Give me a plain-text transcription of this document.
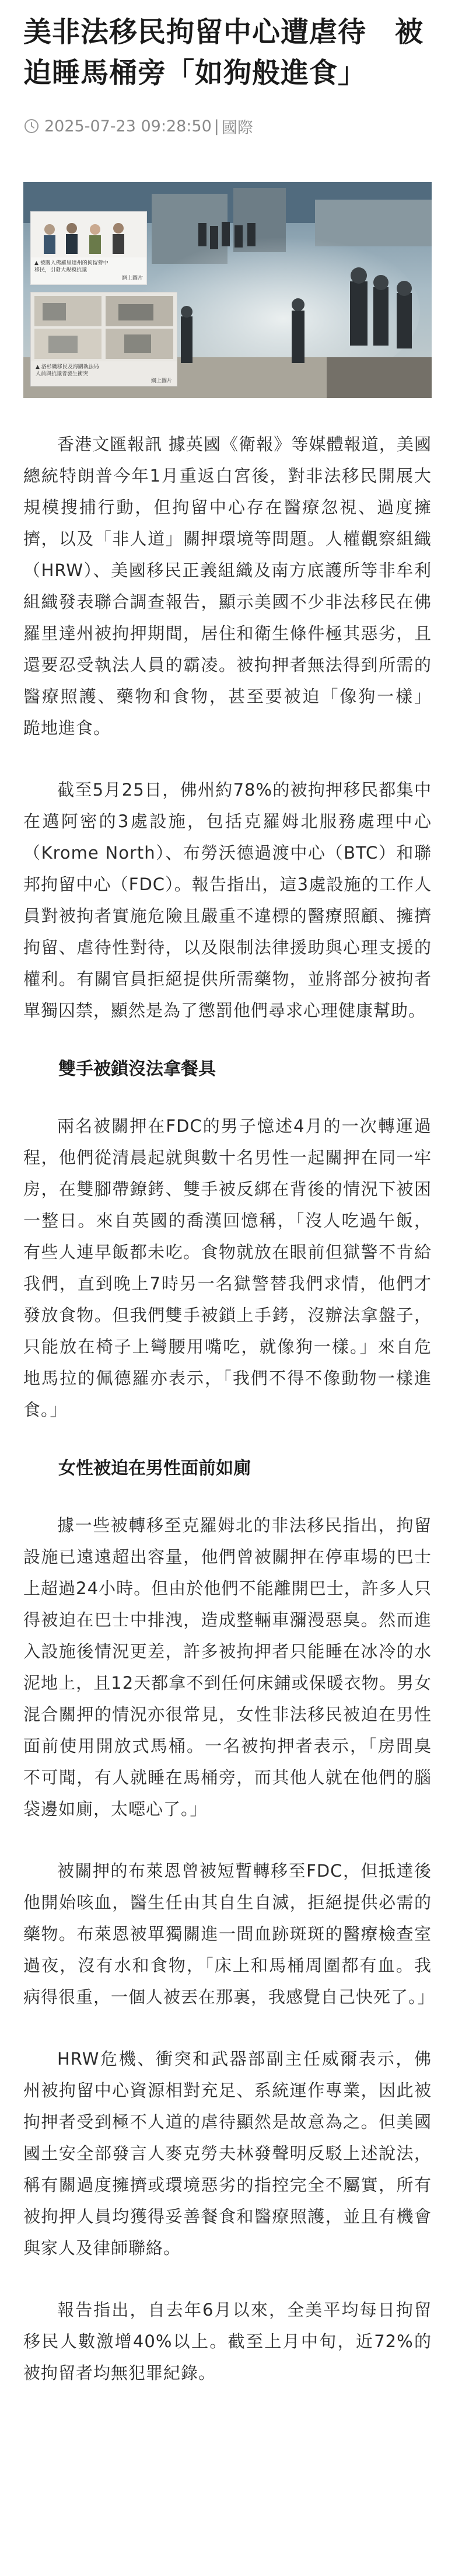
美非法移民拘留中心遭虐待　被迫睡馬桶旁「如狗般進食」
2025-07-23 09:28:50 | 國際
▲ 被關入佛羅里達州的拘留營中
移民，引發大規模抗議
網上圖片
▲ 洛杉磯移民及海關執法局
人員與抗議者發生衝突
網上圖片

香港文匯報訊 據英國《衛報》等媒體報道，美國總統特朗普今年1月重返白宮後，對非法移民開展大規模搜捕行動，但拘留中心存在醫療忽視、過度擁擠，以及「非人道」關押環境等問題。人權觀察組織（HRW）、美國移民正義組織及南方底護所等非牟利組織發表聯合調查報告，顯示美國不少非法移民在佛羅里達州被拘押期間，居住和衛生條件極其惡劣，且還要忍受執法人員的霸凌。被拘押者無法得到所需的醫療照護、藥物和食物，甚至要被迫「像狗一樣」 跪地進食。

截至5月25日，佛州約78%的被拘押移民都集中在邁阿密的3處設施，包括克羅姆北服務處理中心（Krome North）、布勞沃德過渡中心（BTC）和聯邦拘留中心（FDC）。報告指出，這3處設施的工作人員對被拘者實施危險且嚴重不違標的醫療照顧、擁擠拘留、虐待性對待，以及限制法律援助與心理支援的權利。有關官員拒絕提供所需藥物，並將部分被拘者單獨囚禁，顯然是為了懲罰他們尋求心理健康幫助。

雙手被鎖沒法拿餐具

兩名被關押在FDC的男子憶述4月的一次轉運過程，他們從清晨起就與數十名男性一起關押在同一牢房，在雙腳帶鐐銬、雙手被反綁在背後的情況下被困一整日。來自英國的喬漢回憶稱，「沒人吃過午飯，有些人連早飯都未吃。食物就放在眼前但獄警不肯給我們，直到晚上7時另一名獄警替我們求情，他們才發放食物。但我們雙手被鎖上手銬，沒辦法拿盤子，只能放在椅子上彎腰用嘴吃，就像狗一樣。」來自危地馬拉的佩德羅亦表示，「我們不得不像動物一樣進食。」

女性被迫在男性面前如廁

據一些被轉移至克羅姆北的非法移民指出，拘留設施已遠遠超出容量，他們曾被關押在停車場的巴士上超過24小時。但由於他們不能離開巴士，許多人只得被迫在巴士中排洩，造成整輛車瀰漫惡臭。然而進入設施後情況更差，許多被拘押者只能睡在冰冷的水泥地上，且12天都拿不到任何床鋪或保暖衣物。男女混合關押的情況亦很常見，女性非法移民被迫在男性面前使用開放式馬桶。一名被拘押者表示，「房間臭不可聞，有人就睡在馬桶旁，而其他人就在他們的腦袋邊如廁，太噁心了。」

被關押的布萊恩曾被短暫轉移至FDC，但抵達後他開始咳血，醫生任由其自生自滅，拒絕提供必需的藥物。布萊恩被單獨關進一間血跡斑斑的醫療檢查室過夜，沒有水和食物，「床上和馬桶周圍都有血。我病得很重，一個人被丟在那裏，我感覺自己快死了。」

HRW危機、衝突和武器部副主任威爾表示，佛州被拘留中心資源相對充足、系統運作專業，因此被拘押者受到極不人道的虐待顯然是故意為之。但美國國土安全部發言人麥克勞夫林發聲明反駁上述說法，稱有關過度擁擠或環境惡劣的指控完全不屬實，所有被拘押人員均獲得妥善餐食和醫療照護，並且有機會與家人及律師聯絡。

報告指出，自去年6月以來，全美平均每日拘留移民人數激增40%以上。截至上月中旬，近72%的被拘留者均無犯罪紀錄。
